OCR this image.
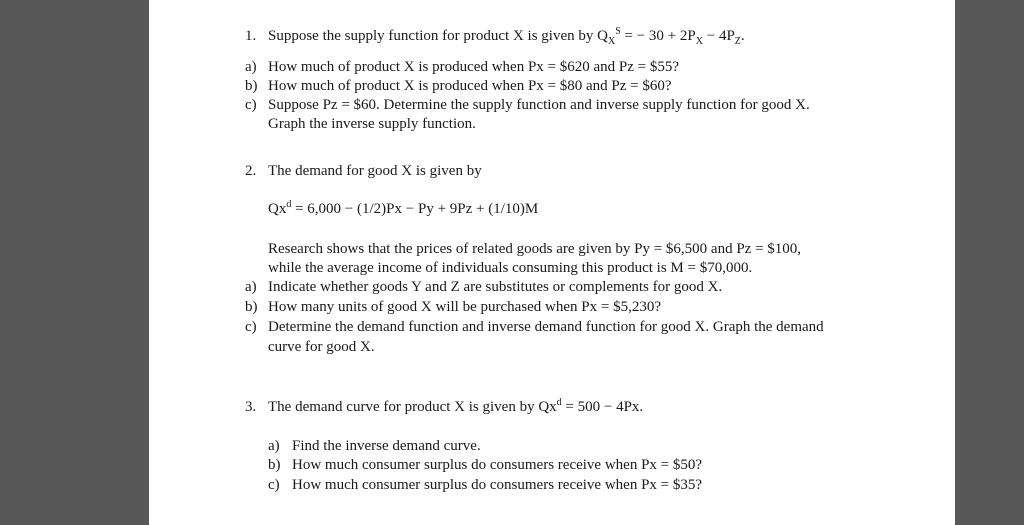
1. Suppose the supply function for product X is given by $Q_X^S$ = − $30 + 2P_X - 4P_Z$.
a) How much of product X is produced when Px = $620 and Pz = $55?
b) How much of product X is produced when Px = $80 and Pz = $60?
c) Suppose Pz = $60. Determine the supply function and inverse supply function for good X.
Graph the inverse supply function.
2. The demand for good X is given by
$Qx^d = 6,000 - (1/2)Px - Py + 9Pz + (1/10)M$
Research shows that the prices of related goods are given by Py = $6,500 and Pz = $100,
while the average income of individuals consuming this product is M = $70,000.
a) Indicate whether goods Y and Z are substitutes or complements for good X.
b) How many units of good X will be purchased when Px = $5,230?
c) Determine the demand function and inverse demand function for good X. Graph the demand
curve for good X.
3. The demand curve for product X is given by $Qx^d = 500 - 4Px$.
a) Find the inverse demand curve.
b) How much consumer surplus do consumers receive when Px = $50?
c) How much consumer surplus do consumers receive when Px = $35?
